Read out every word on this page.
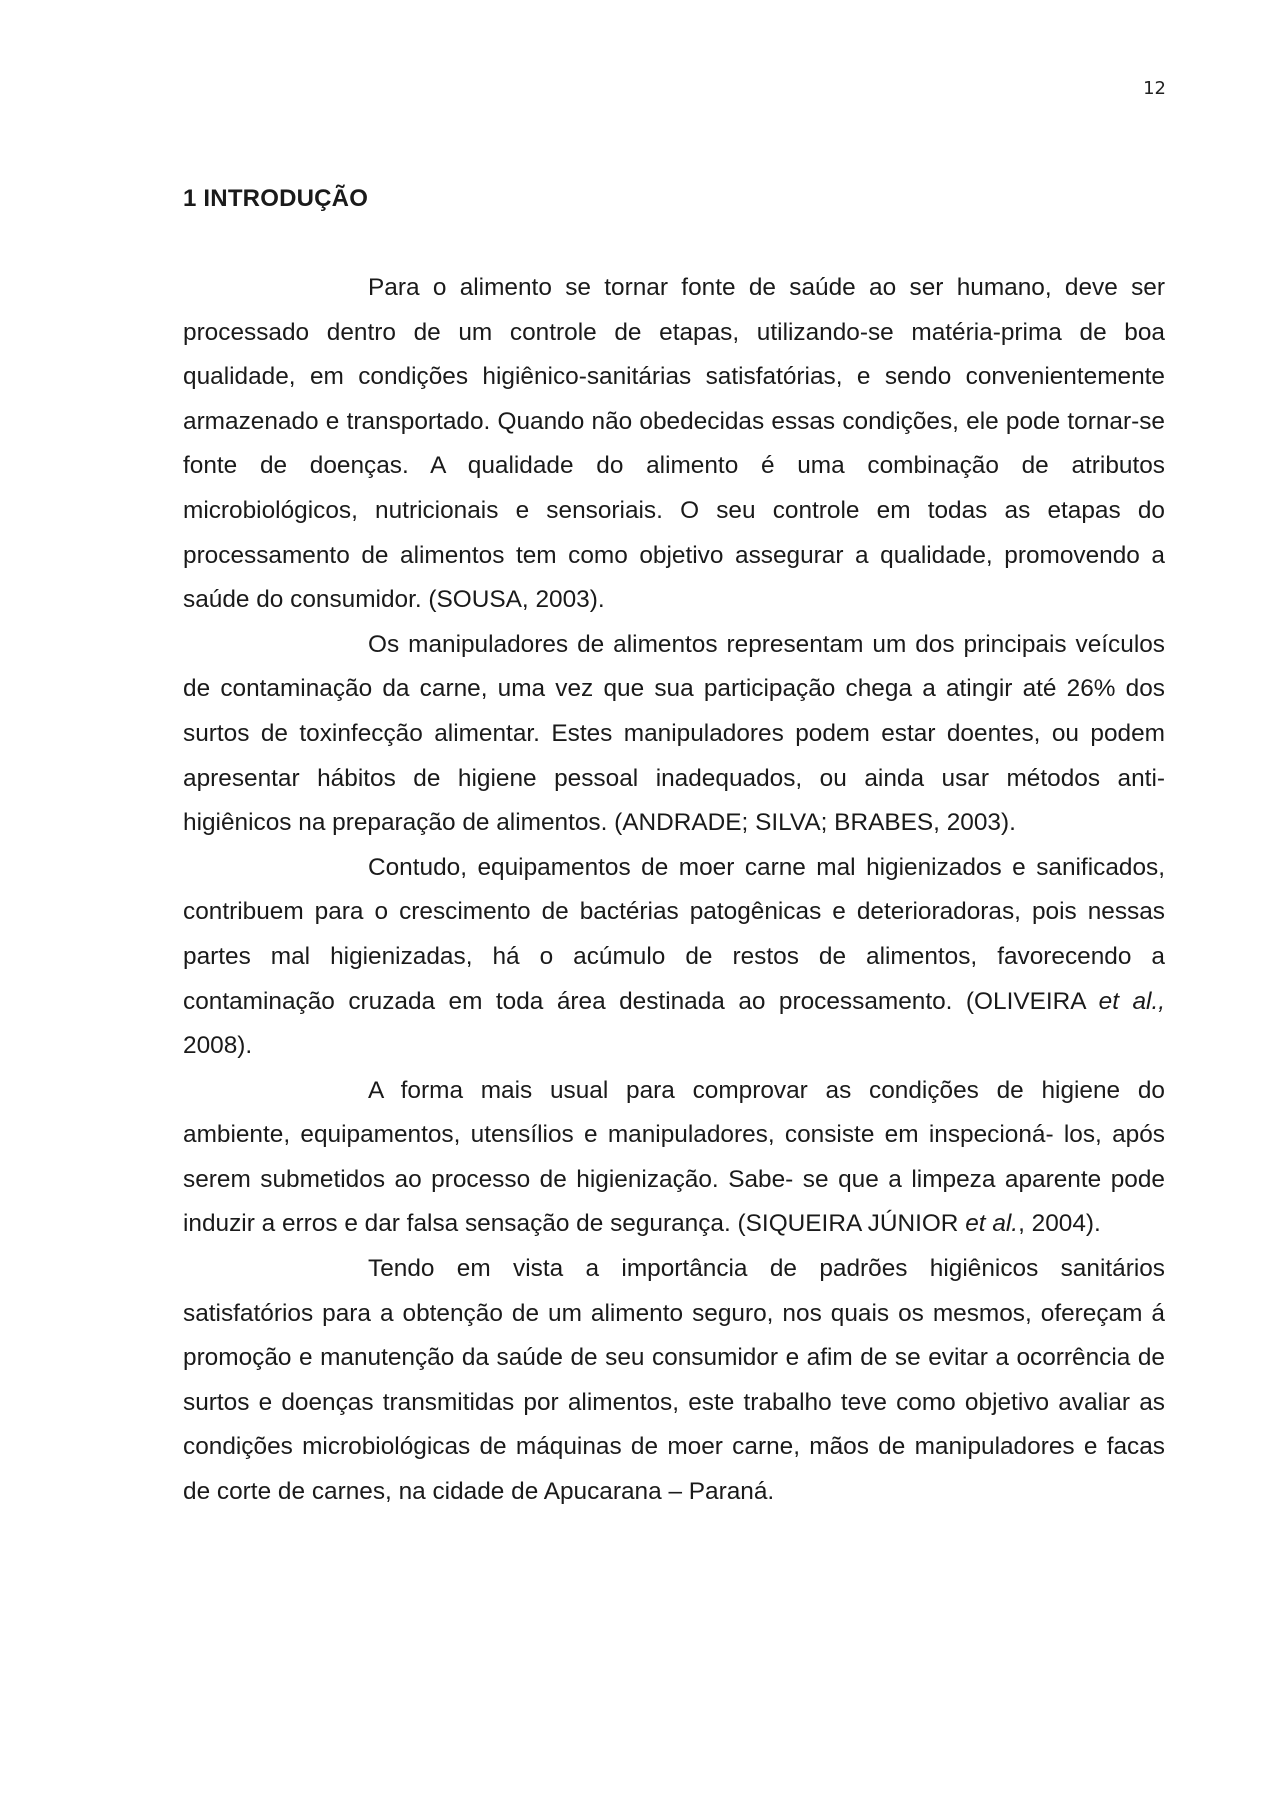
12
1 INTRODUÇÃO

Para o alimento se tornar fonte de saúde ao ser humano, deve ser processado dentro de um controle de etapas, utilizando-se matéria-prima de boa qualidade, em condições higiênico-sanitárias satisfatórias, e sendo convenientemente armazenado e transportado. Quando não obedecidas essas condições, ele pode tornar-se fonte de doenças. A qualidade do alimento é uma combinação de atributos microbiológicos, nutricionais e sensoriais. O seu controle em todas as etapas do processamento de alimentos tem como objetivo assegurar a qualidade, promovendo a saúde do consumidor. (SOUSA, 2003).

Os manipuladores de alimentos representam um dos principais veículos de contaminação da carne, uma vez que sua participação chega a atingir até 26% dos surtos de toxinfecção alimentar. Estes manipuladores podem estar doentes, ou podem apresentar hábitos de higiene pessoal inadequados, ou ainda usar métodos anti- higiênicos na preparação de alimentos. (ANDRADE; SILVA; BRABES, 2003).

Contudo, equipamentos de moer carne mal higienizados e sanificados, contribuem para o crescimento de bactérias patogênicas e deterioradoras, pois nessas partes mal higienizadas, há o acúmulo de restos de alimentos, favorecendo a contaminação cruzada em toda área destinada ao processamento. (OLIVEIRA et al., 2008).

A forma mais usual para comprovar as condições de higiene do ambiente, equipamentos, utensílios e manipuladores, consiste em inspecioná- los, após serem submetidos ao processo de higienização. Sabe- se que a limpeza aparente pode induzir a erros e dar falsa sensação de segurança. (SIQUEIRA JÚNIOR et al., 2004).

Tendo em vista a importância de padrões higiênicos sanitários satisfatórios para a obtenção de um alimento seguro, nos quais os mesmos, ofereçam á promoção e manutenção da saúde de seu consumidor e afim de se evitar a ocorrência de surtos e doenças transmitidas por alimentos, este trabalho teve como objetivo avaliar as condições microbiológicas de máquinas de moer carne, mãos de manipuladores e facas de corte de carnes, na cidade de Apucarana – Paraná.
